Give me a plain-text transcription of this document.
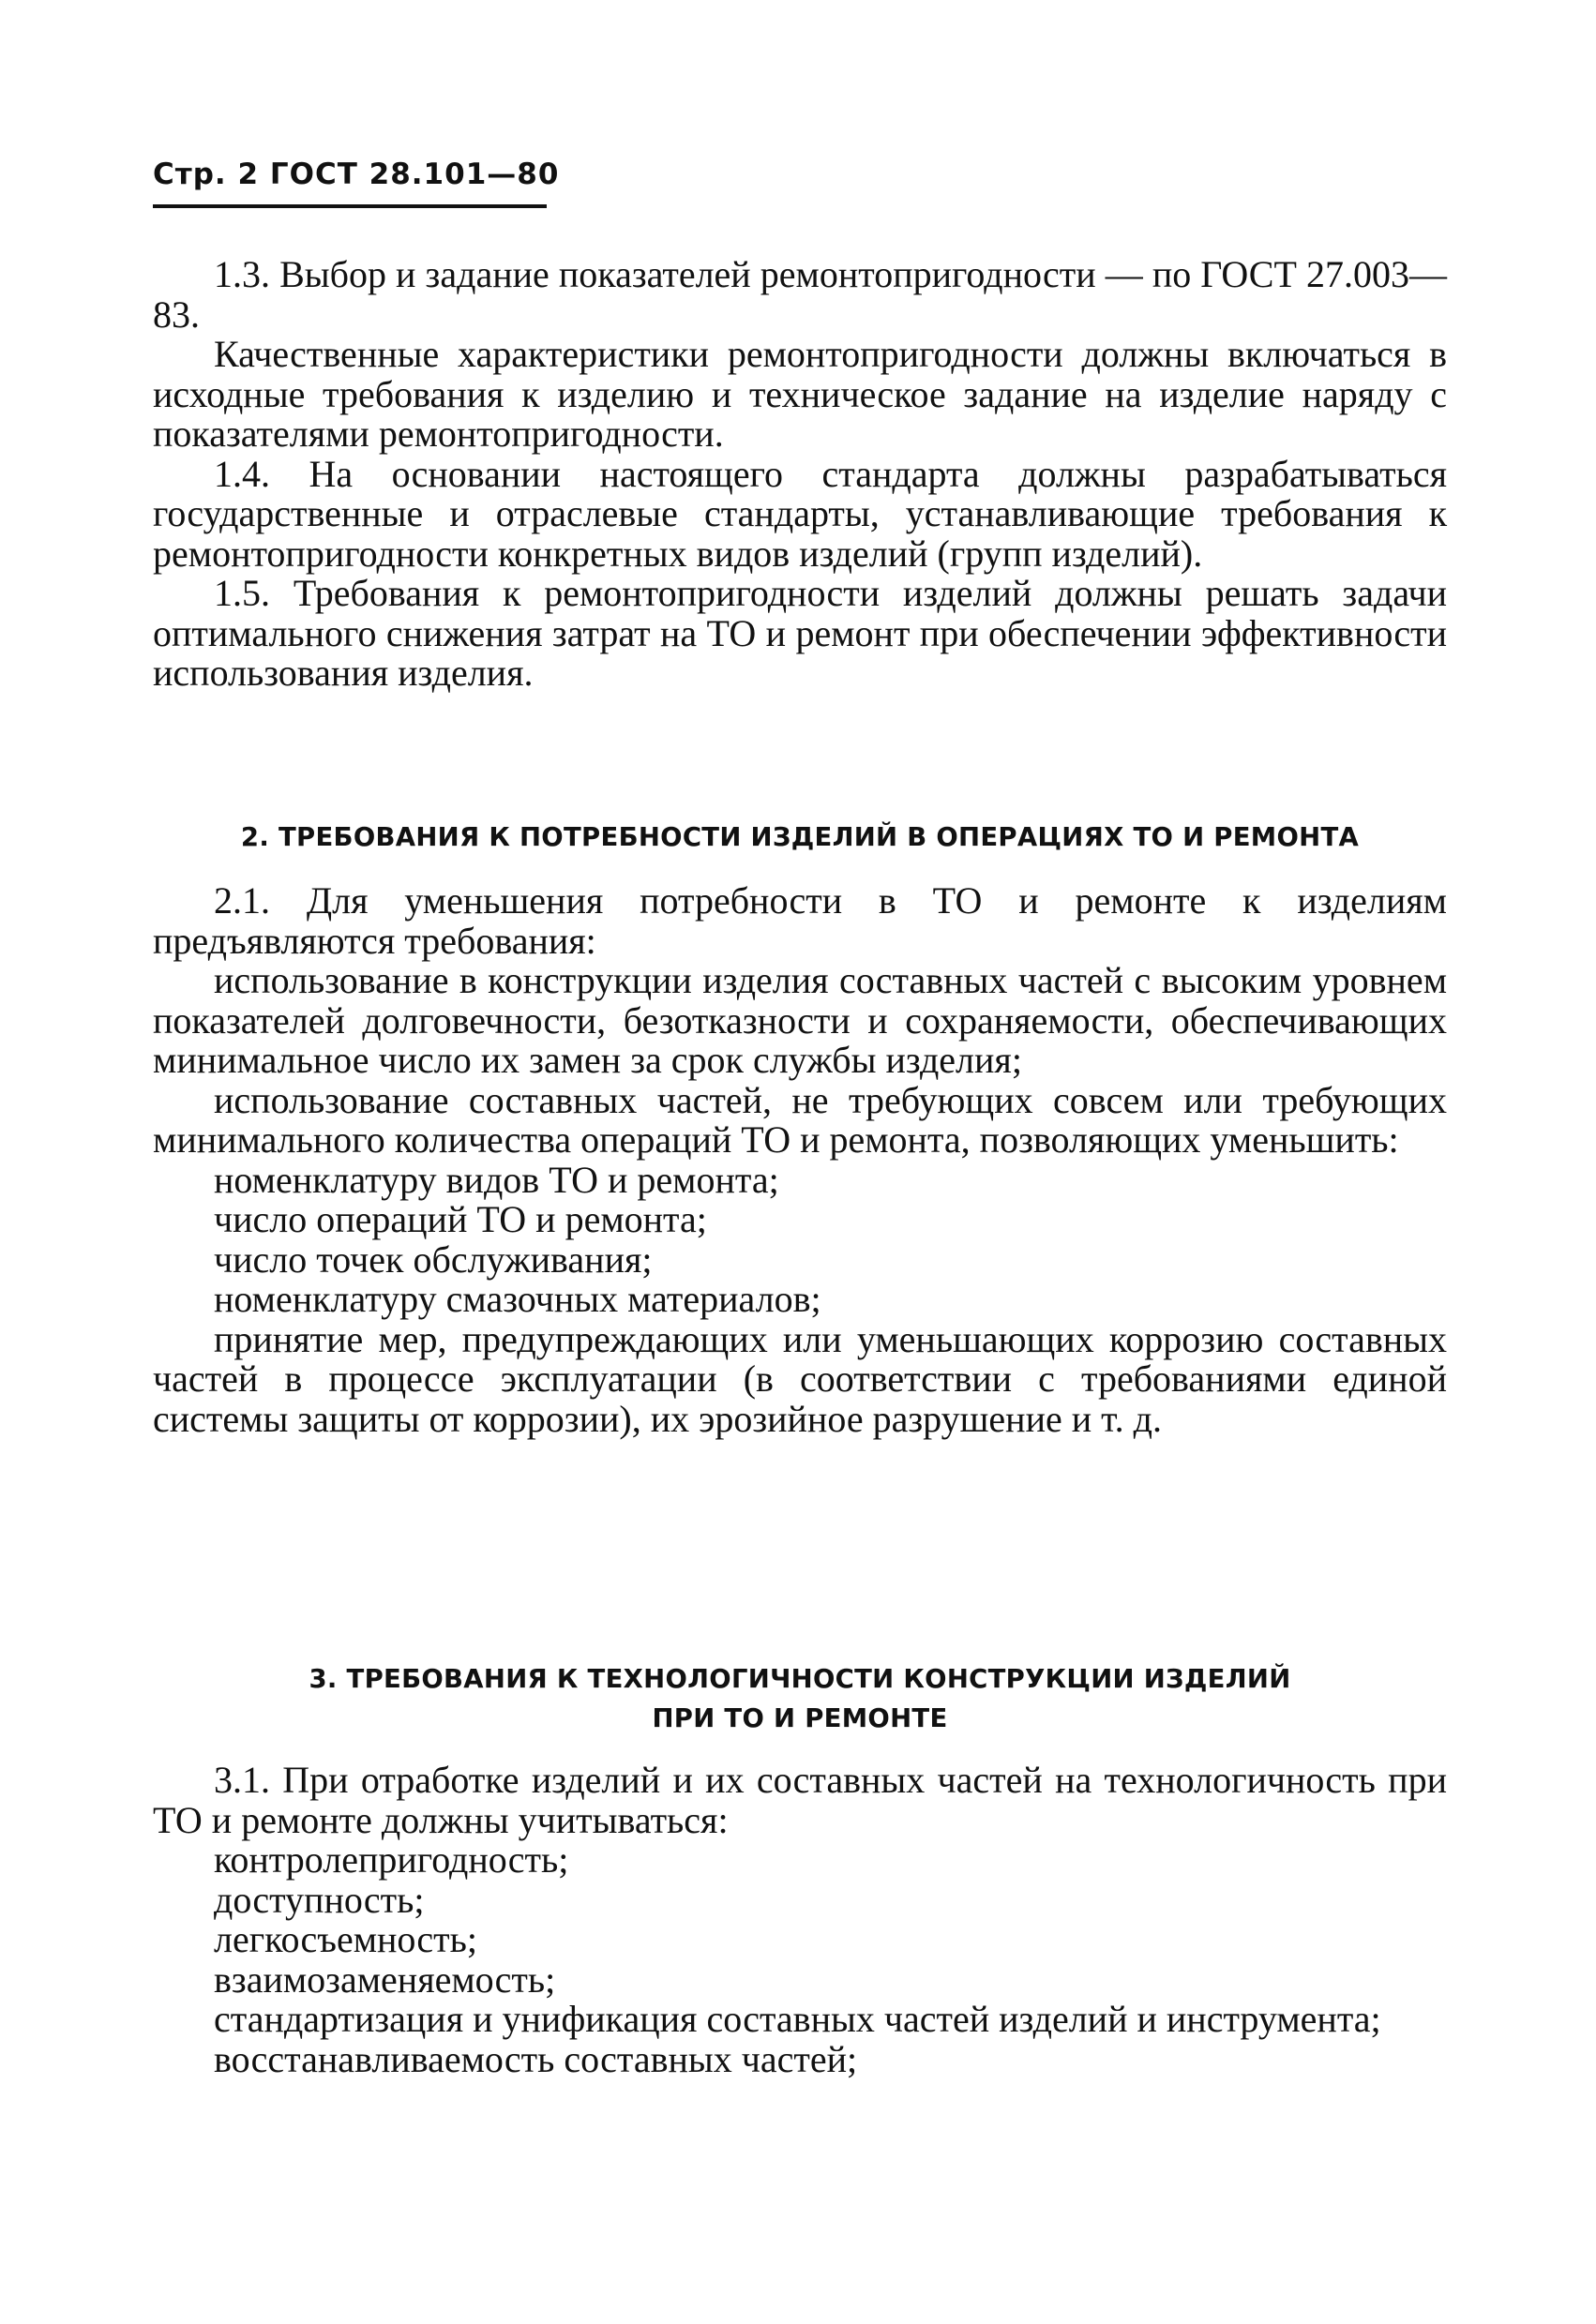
Стр. 2 ГОСТ 28.101—80

1.3. Выбор и задание показателей ремонтопригодности — по ГОСТ 27.003—83.

Качественные характеристики ремонтопригодности должны включаться в исходные требования к изделию и техническое задание на изделие наряду с показателями ремонтопригодности.

1.4. На основании настоящего стандарта должны разрабатываться государственные и отраслевые стандарты, устанавливающие требования к ремонтопригодности конкретных видов изделий (групп изделий).

1.5. Требования к ремонтопригодности изделий должны решать задачи оптимального снижения затрат на ТО и ремонт при обеспечении эффективности использования изделия.

2. ТРЕБОВАНИЯ К ПОТРЕБНОСТИ ИЗДЕЛИЙ В ОПЕРАЦИЯХ ТО И РЕМОНТА

2.1. Для уменьшения потребности в ТО и ремонте к изделиям предъявляются требования:

использование в конструкции изделия составных частей с высоким уровнем показателей долговечности, безотказности и сохраняемости, обеспечивающих минимальное число их замен за срок службы изделия;

использование составных частей, не требующих совсем или требующих минимального количества операций ТО и ремонта, позволяющих уменьшить:

номенклатуру видов ТО и ремонта;

число операций ТО и ремонта;

число точек обслуживания;

номенклатуру смазочных материалов;

принятие мер, предупреждающих или уменьшающих коррозию составных частей в процессе эксплуатации (в соответствии с требованиями единой системы защиты от коррозии), их эрозийное разрушение и т. д.

3. ТРЕБОВАНИЯ К ТЕХНОЛОГИЧНОСТИ КОНСТРУКЦИИ ИЗДЕЛИЙ
ПРИ ТО И РЕМОНТЕ

3.1. При отработке изделий и их составных частей на технологичность при ТО и ремонте должны учитываться:

контролепригодность;

доступность;

легкосъемность;

взаимозаменяемость;

стандартизация и унификация составных частей изделий и инструмента;

восстанавливаемость составных частей;
